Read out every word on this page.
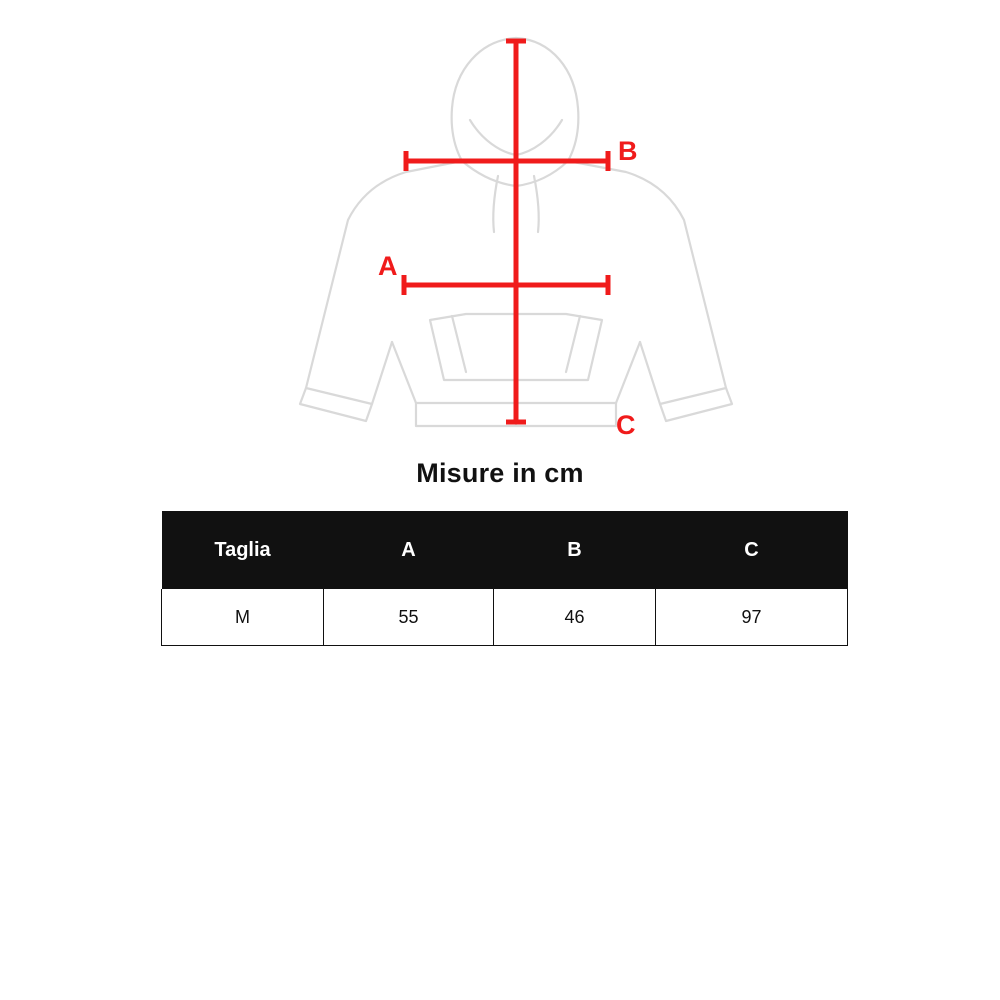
A
B
C
Misure in cm
Taglia	A	B	C
M	55	46	97
